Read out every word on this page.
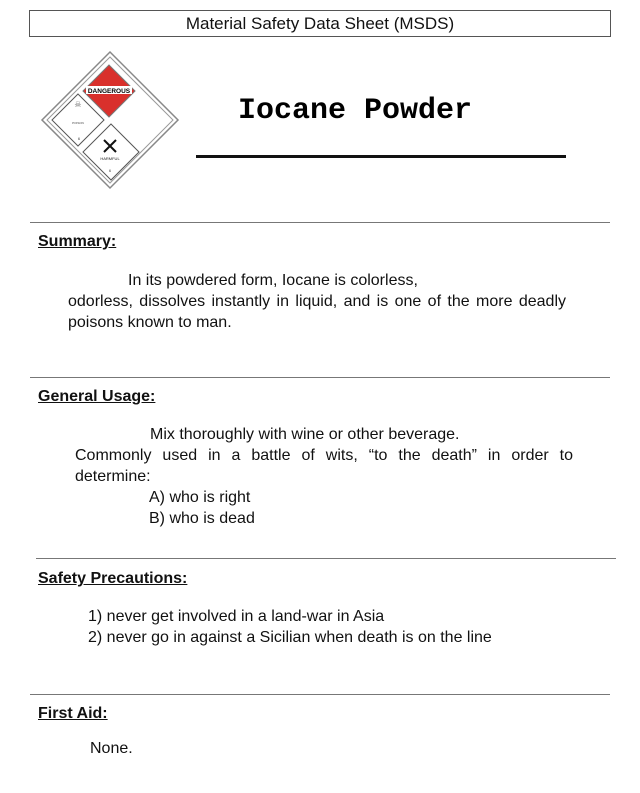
Material Safety Data Sheet (MSDS)
DANGEROUS
☠
POISON
6
HARMFUL
6
Iocane Powder
Summary:
In its powdered form, Iocane is colorless,
odorless, dissolves instantly in liquid, and is one of the more deadly poisons known to man.
General Usage:
Mix thoroughly with wine or other beverage.
Commonly used in a battle of wits, “to the death” in order to determine:
A) who is right
B) who is dead
Safety Precautions:
1) never get involved in a land-war in Asia
2) never go in against a Sicilian when death is on the line
First Aid:
None.
